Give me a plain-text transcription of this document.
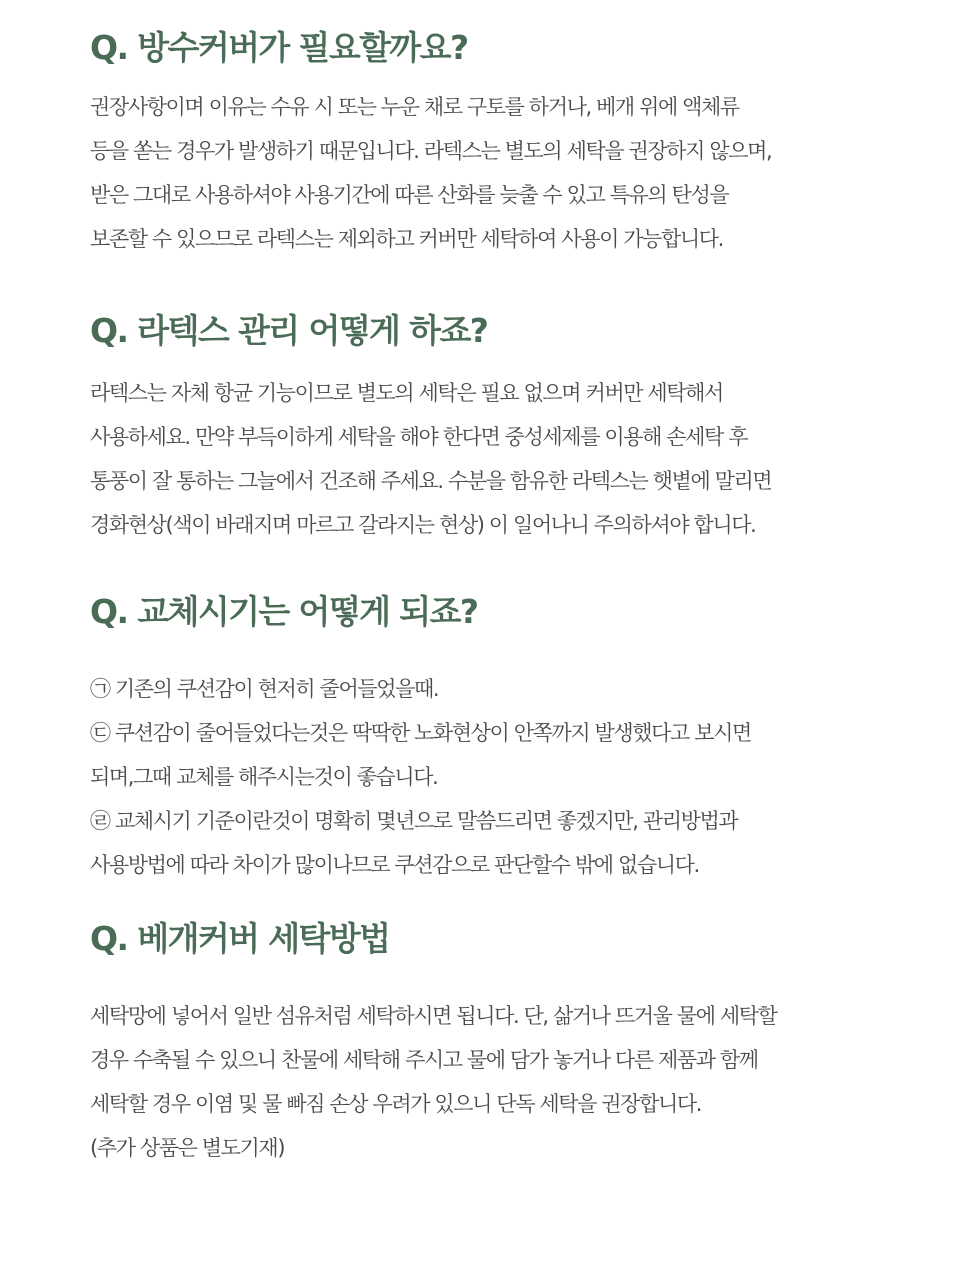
Q. 방수커버가 필요할까요?
권장사항이며 이유는 수유 시 또는 누운 채로 구토를 하거나, 베개 위에 액체류
등을 쏟는 경우가 발생하기 때문입니다. 라텍스는 별도의 세탁을 권장하지 않으며,
받은 그대로 사용하셔야 사용기간에 따른 산화를 늦출 수 있고 특유의 탄성을
보존할 수 있으므로 라텍스는 제외하고 커버만 세탁하여 사용이 가능합니다.
Q. 라텍스 관리 어떻게 하죠?
라텍스는 자체 항균 기능이므로 별도의 세탁은 필요 없으며 커버만 세탁해서
사용하세요. 만약 부득이하게 세탁을 해야 한다면 중성세제를 이용해 손세탁 후
통풍이 잘 통하는 그늘에서 건조해 주세요. 수분을 함유한 라텍스는 햇볕에 말리면
경화현상(색이 바래지며 마르고 갈라지는 현상) 이 일어나니 주의하셔야 합니다.
Q. 교체시기는 어떻게 되죠?
㉠ 기존의 쿠션감이 현저히 줄어들었을때.
㉢ 쿠션감이 줄어들었다는것은 딱딱한 노화현상이 안쪽까지 발생했다고 보시면
되며,그때 교체를 해주시는것이 좋습니다.
㉣ 교체시기 기준이란것이 명확히 몇년으로 말씀드리면 좋겠지만, 관리방법과
사용방법에 따라 차이가 많이나므로 쿠션감으로 판단할수 밖에 없습니다.
Q. 베개커버 세탁방법
세탁망에 넣어서 일반 섬유처럼 세탁하시면 됩니다. 단, 삶거나 뜨거울 물에 세탁할
경우 수축될 수 있으니 찬물에 세탁해 주시고 물에 담가 놓거나 다른 제품과 함께
세탁할 경우 이염 및 물 빠짐 손상 우려가 있으니 단독 세탁을 권장합니다.
(추가 상품은 별도기재)
